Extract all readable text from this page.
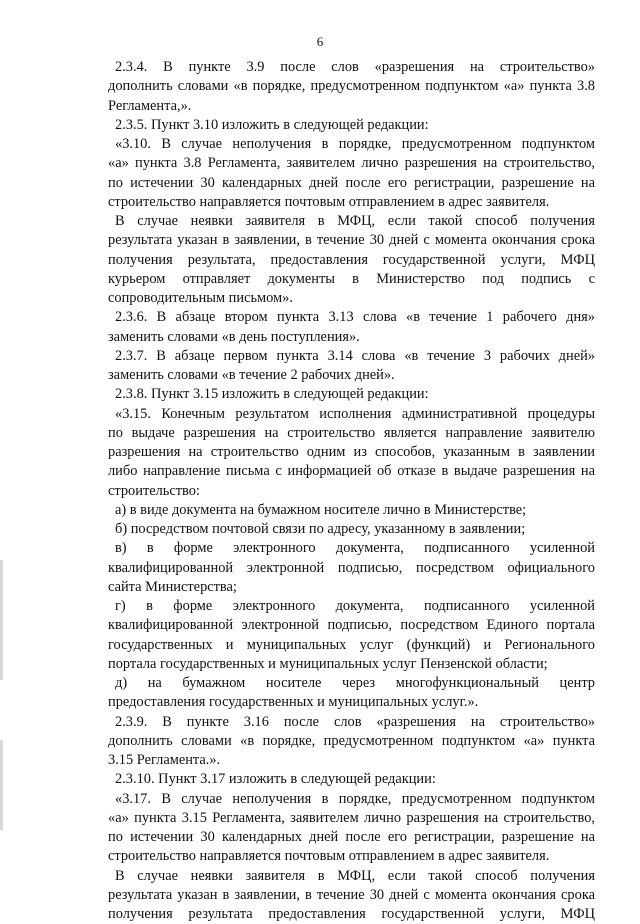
6
2.3.4. В пункте 3.9 после слов «разрешения на строительство»
дополнить словами «в порядке, предусмотренном подпунктом «а» пункта 3.8
Регламента,».
2.3.5. Пункт 3.10 изложить в следующей редакции:
«3.10. В случае неполучения в порядке, предусмотренном подпунктом
«а» пункта 3.8 Регламента, заявителем лично разрешения на строительство,
по истечении 30 календарных дней после его регистрации, разрешение на
строительство направляется почтовым отправлением в адрес заявителя.
В случае неявки заявителя в МФЦ, если такой способ получения
результата указан в заявлении, в течение 30 дней с момента окончания срока
получения результата, предоставления государственной услуги, МФЦ
курьером отправляет документы в Министерство под подпись с
сопроводительным письмом».
2.3.6. В абзаце втором пункта 3.13 слова «в течение 1 рабочего дня»
заменить словами «в день поступления».
2.3.7. В абзаце первом пункта 3.14 слова «в течение 3 рабочих дней»
заменить словами «в течение 2 рабочих дней».
2.3.8. Пункт 3.15 изложить в следующей редакции:
«3.15. Конечным результатом исполнения административной процедуры
по выдаче разрешения на строительство является направление заявителю
разрешения на строительство одним из способов, указанным в заявлении
либо направление письма с информацией об отказе в выдаче разрешения на
строительство:
а) в виде документа на бумажном носителе лично в Министерстве;
б) посредством почтовой связи по адресу, указанному в заявлении;
в) в форме электронного документа, подписанного усиленной
квалифицированной электронной подписью, посредством официального
сайта Министерства;
г) в форме электронного документа, подписанного усиленной
квалифицированной электронной подписью, посредством Единого портала
государственных и муниципальных услуг (функций) и Регионального
портала государственных и муниципальных услуг Пензенской области;
д) на бумажном носителе через многофункциональный центр
предоставления государственных и муниципальных услуг.».
2.3.9. В пункте 3.16 после слов «разрешения на строительство»
дополнить словами «в порядке, предусмотренном подпунктом «а» пункта
3.15 Регламента.».
2.3.10. Пункт 3.17 изложить в следующей редакции:
«3.17. В случае неполучения в порядке, предусмотренном подпунктом
«а» пункта 3.15 Регламента, заявителем лично разрешения на строительство,
по истечении 30 календарных дней после его регистрации, разрешение на
строительство направляется почтовым отправлением в адрес заявителя.
В случае неявки заявителя в МФЦ, если такой способ получения
результата указан в заявлении, в течение 30 дней с момента окончания срока
получения результата предоставления государственной услуги, МФЦ
